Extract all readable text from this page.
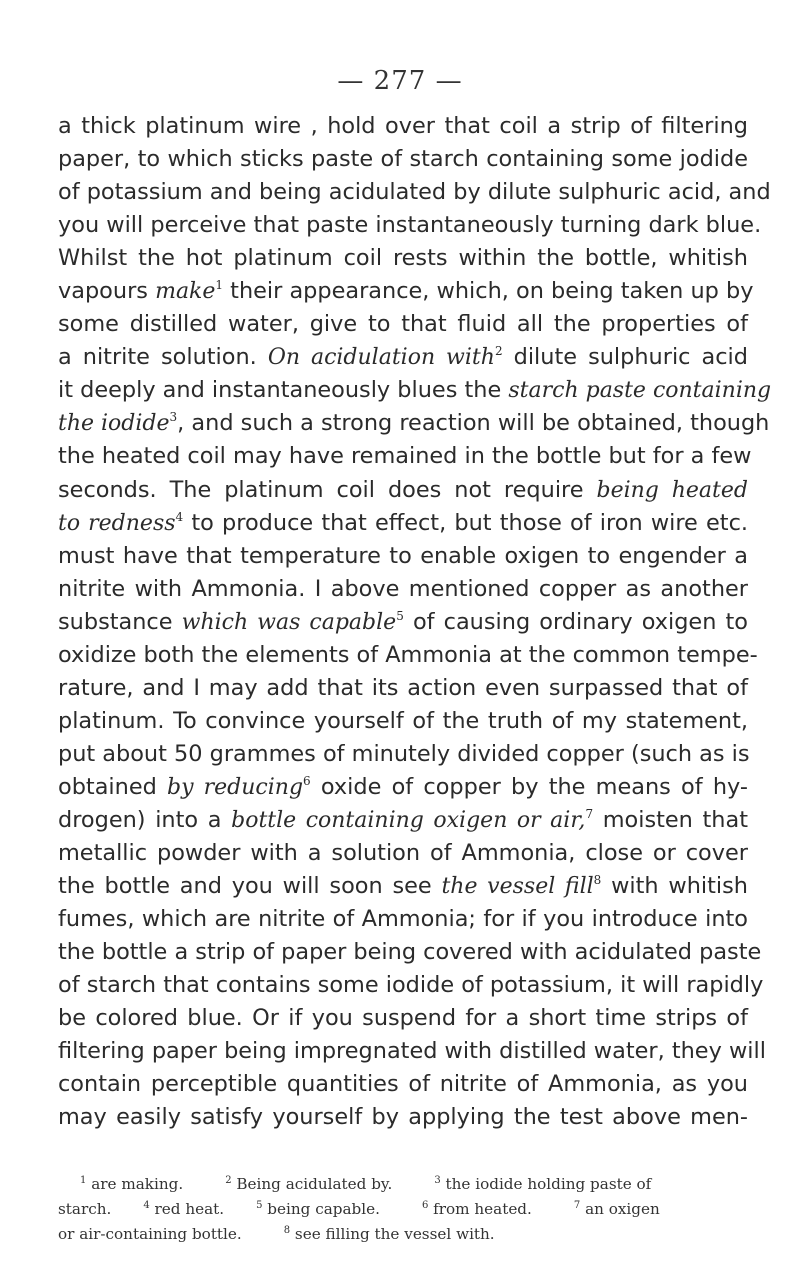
— 277 —
a thick platinum wire , hold over that coil a strip of filtering
paper, to which sticks paste of starch containing some jodide
of potassium and being acidulated by dilute sulphuric acid, and
you will perceive that paste instantaneously turning dark blue.
Whilst the hot platinum coil rests within the bottle, whitish
vapours make$^1$ their appearance, which, on being taken up by
some distilled water, give to that fluid all the properties of
a nitrite solution. On acidulation with$^2$ dilute sulphuric acid
it deeply and instantaneously blues the starch paste containing
the iodide$^3$, and such a strong reaction will be obtained, though
the heated coil may have remained in the bottle but for a few
seconds. The platinum coil does not require being heated
to redness$^4$ to produce that effect, but those of iron wire etc.
must have that temperature to enable oxigen to engender a
nitrite with Ammonia. I above mentioned copper as another
substance which was capable$^5$ of causing ordinary oxigen to
oxidize both the elements of Ammonia at the common tempe-
rature, and I may add that its action even surpassed that of
platinum. To convince yourself of the truth of my statement,
put about 50 grammes of minutely divided copper (such as is
obtained by reducing$^6$ oxide of copper by the means of hy-
drogen) into a bottle containing oxigen or air,$^7$ moisten that
metallic powder with a solution of Ammonia, close or cover
the bottle and you will soon see the vessel fill$^8$ with whitish
fumes, which are nitrite of Ammonia; for if you introduce into
the bottle a strip of paper being covered with acidulated paste
of starch that contains some iodide of potassium, it will rapidly
be colored blue. Or if you suspend for a short time strips of
filtering paper being impregnated with distilled water, they will
contain perceptible quantities of nitrite of Ammonia, as you
may easily satisfy yourself by applying the test above men-
$^1$ are making.	$^2$ Being acidulated by.	$^3$ the iodide holding paste of
starch.	$^4$ red heat.	$^5$ being capable.	$^6$ from heated.	$^7$ an oxigen
or air-containing bottle.	$^8$ see filling the vessel with.
